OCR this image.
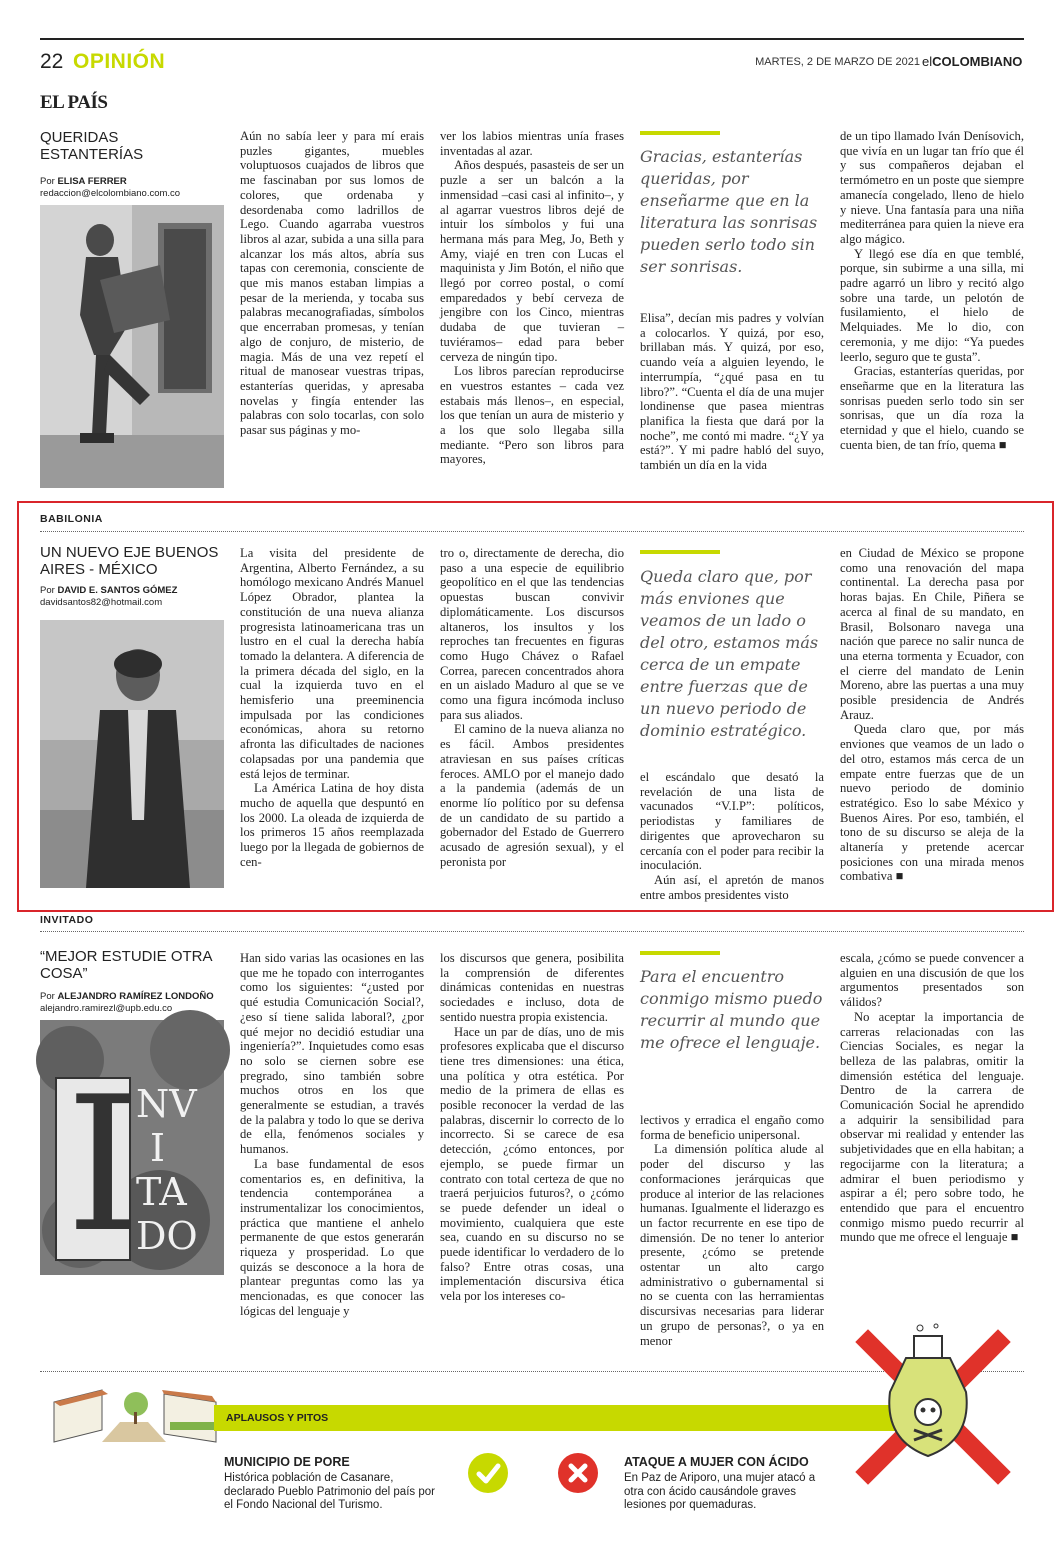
22 OPINIÓN	MARTES, 2 DE MARZO DE 2021 elCOLOMBIANO
EL PAÍS
QUERIDAS ESTANTERÍAS
Por ELISA FERRER
redaccion@elcolombiano.com.co

Aún no sabía leer y para mí erais puzles gigantes, muebles voluptuosos cuajados de libros que me fascinaban por sus lomos de colores, que ordenaba y desordenaba como ladrillos de Lego. Cuando agarraba vuestros libros al azar, subida a una silla para alcanzar los más altos, abría sus tapas con ceremonia, consciente de que mis manos estaban limpias a pesar de la merienda, y tocaba sus palabras mecanografiadas, símbolos que encerraban promesas, y tenían algo de conjuro, de misterio, de magia. Más de una vez repetí el ritual de manosear vuestras tripas, estanterías queridas, y apresaba novelas y fingía entender las palabras con solo tocarlas, con solo pasar sus páginas y mo-

ver los labios mientras unía frases inventadas al azar.

Años después, pasasteis de ser un puzle a ser un balcón a la inmensidad –casi casi al infinito–, y al agarrar vuestros libros dejé de intuir los símbolos y fui una hermana más para Meg, Jo, Beth y Amy, viajé en tren con Lucas el maquinista y Jim Botón, el niño que llegó por correo postal, o comí emparedados y bebí cerveza de jengibre con los Cinco, mientras dudaba de que tuvieran –tuviéramos– edad para beber cerveza de ningún tipo.

Los libros parecían reproducirse en vuestros estantes – cada vez estabais más llenos–, en especial, los que tenían un aura de misterio y a los que solo llegaba silla mediante. “Pero son libros para mayores,

Gracias, estanterías queridas, por enseñarme que en la literatura las sonrisas pueden serlo todo sin ser sonrisas.

Elisa”, decían mis padres y volvían a colocarlos. Y quizá, por eso, brillaban más. Y quizá, por eso, cuando veía a alguien leyendo, le interrumpía, “¿qué pasa en tu libro?”. “Cuenta el día de una mujer londinense que pasea mientras planifica la fiesta que dará por la noche”, me contó mi madre. “¿Y ya está?”. Y mi padre habló del suyo, también un día en la vida

de un tipo llamado Iván Denísovich, que vivía en un lugar tan frío que él y sus compañeros dejaban el termómetro en un poste que siempre amanecía congelado, lleno de hielo y nieve. Una fantasía para una niña mediterránea para quien la nieve era algo mágico.

Y llegó ese día en que temblé, porque, sin subirme a una silla, mi padre agarró un libro y recitó algo sobre una tarde, un pelotón de fusilamiento, el hielo de Melquiades. Me lo dio, con ceremonia, y me dijo: “Ya puedes leerlo, seguro que te gusta”.

Gracias, estanterías queridas, por enseñarme que en la literatura las sonrisas pueden serlo todo sin ser sonrisas, que un día roza la eternidad y que el hielo, cuando se cuenta bien, de tan frío, quema ■

BABILONIA
UN NUEVO EJE BUENOS AIRES - MÉXICO
Por DAVID E. SANTOS GÓMEZ
davidsantos82@hotmail.com

La visita del presidente de Argentina, Alberto Fernández, a su homólogo mexicano Andrés Manuel López Obrador, plantea la constitución de una nueva alianza progresista latinoamericana tras un lustro en el cual la derecha había tomado la delantera. A diferencia de la primera década del siglo, en la cual la izquierda tuvo en el hemisferio una preeminencia impulsada por las condiciones económicas, ahora su retorno afronta las dificultades de naciones colapsadas por una pandemia que está lejos de terminar.

La América Latina de hoy dista mucho de aquella que despuntó en los 2000. La oleada de izquierda de los primeros 15 años reemplazada luego por la llegada de gobiernos de cen-

tro o, directamente de derecha, dio paso a una especie de equilibrio geopolítico en el que las tendencias opuestas buscan convivir diplomáticamente. Los discursos altaneros, los insultos y los reproches tan frecuentes en figuras como Hugo Chávez o Rafael Correa, parecen concentrados ahora en un aislado Maduro al que se ve como una figura incómoda incluso para sus aliados.

El camino de la nueva alianza no es fácil. Ambos presidentes atraviesan en sus países críticas feroces. AMLO por el manejo dado a la pandemia (además de un enorme lío político por su defensa de un candidato de su partido a gobernador del Estado de Guerrero acusado de agresión sexual), y el peronista por

Queda claro que, por más enviones que veamos de un lado o del otro, estamos más cerca de un empate entre fuerzas que de un nuevo periodo de dominio estratégico.

el escándalo que desató la revelación de una lista de vacunados “V.I.P”: políticos, periodistas y familiares de dirigentes que aprovecharon su cercanía con el poder para recibir la inoculación.

Aún así, el apretón de manos entre ambos presidentes visto

en Ciudad de México se propone como una renovación del mapa continental. La derecha pasa por horas bajas. En Chile, Piñera se acerca al final de su mandato, en Brasil, Bolsonaro navega una nación que parece no salir nunca de una eterna tormenta y Ecuador, con el cierre del mandato de Lenin Moreno, abre las puertas a una muy posible presidencia de Andrés Arauz.

Queda claro que, por más enviones que veamos de un lado o del otro, estamos más cerca de un empate entre fuerzas que de un nuevo periodo de dominio estratégico. Eso lo sabe México y Buenos Aires. Por eso, también, el tono de su discurso se aleja de la altanería y pretende acercar posiciones con una mirada menos combativa ■

INVITADO
“MEJOR ESTUDIE OTRA COSA”
Por ALEJANDRO RAMÍREZ LONDOÑO
alejandro.ramirezl@upb.edu.co
I
NV
I
TA
DO

Han sido varias las ocasiones en las que me he topado con interrogantes como los siguientes: “¿usted por qué estudia Comunicación Social?, ¿eso sí tiene salida laboral?, ¿por qué mejor no decidió estudiar una ingeniería?”. Inquietudes como esas no solo se ciernen sobre ese pregrado, sino también sobre muchos otros en los que generalmente se estudian, a través de la palabra y todo lo que se deriva de ella, fenómenos sociales y humanos.

La base fundamental de esos comentarios es, en definitiva, la tendencia contemporánea a instrumentalizar los conocimientos, práctica que mantiene el anhelo permanente de que estos generarán riqueza y prosperidad. Lo que quizás se desconoce a la hora de plantear preguntas como las ya mencionadas, es que conocer las lógicas del lenguaje y

los discursos que genera, posibilita la comprensión de diferentes dinámicas contenidas en nuestras sociedades e incluso, dota de sentido nuestra propia existencia.

Hace un par de días, uno de mis profesores explicaba que el discurso tiene tres dimensiones: una ética, una política y otra estética. Por medio de la primera de ellas es posible reconocer la verdad de las palabras, discernir lo correcto de lo incorrecto. Si se carece de esa detección, ¿cómo entonces, por ejemplo, se puede firmar un contrato con total certeza de que no traerá perjuicios futuros?, o ¿cómo se puede defender un ideal o movimiento, cualquiera que este sea, cuando en su discurso no se puede identificar lo verdadero de lo falso? Entre otras cosas, una implementación discursiva ética vela por los intereses co-

Para el encuentro conmigo mismo puedo recurrir al mundo que me ofrece el lenguaje.

lectivos y erradica el engaño como forma de beneficio unipersonal.

La dimensión política alude al poder del discurso y las conformaciones jerárquicas que produce al interior de las relaciones humanas. Igualmente el liderazgo es un factor recurrente en ese tipo de dimensión. De no tener lo anterior presente, ¿cómo se pretende ostentar un alto cargo administrativo o gubernamental si no se cuenta con las herramientas discursivas necesarias para liderar un grupo de personas?, o ya en menor

escala, ¿cómo se puede convencer a alguien en una discusión de que los argumentos presentados son válidos?

No aceptar la importancia de carreras relacionadas con las Ciencias Sociales, es negar la belleza de las palabras, omitir la dimensión estética del lenguaje. Dentro de la carrera de Comunicación Social he aprendido a adquirir la sensibilidad para observar mi realidad y entender las subjetividades que en ella habitan; a regocijarme con la literatura; a admirar el buen periodismo y aspirar a él; pero sobre todo, he entendido que para el encuentro conmigo mismo puedo recurrir al mundo que me ofrece el lenguaje ■

APLAUSOS Y PITOS
MUNICIPIO DE PORE
Histórica población de Casanare, declarado Pueblo Patrimonio del país por el Fondo Nacional del Turismo.
ATAQUE A MUJER CON ÁCIDO
En Paz de Ariporo, una mujer atacó a otra con ácido causándole graves lesiones por quemaduras.
